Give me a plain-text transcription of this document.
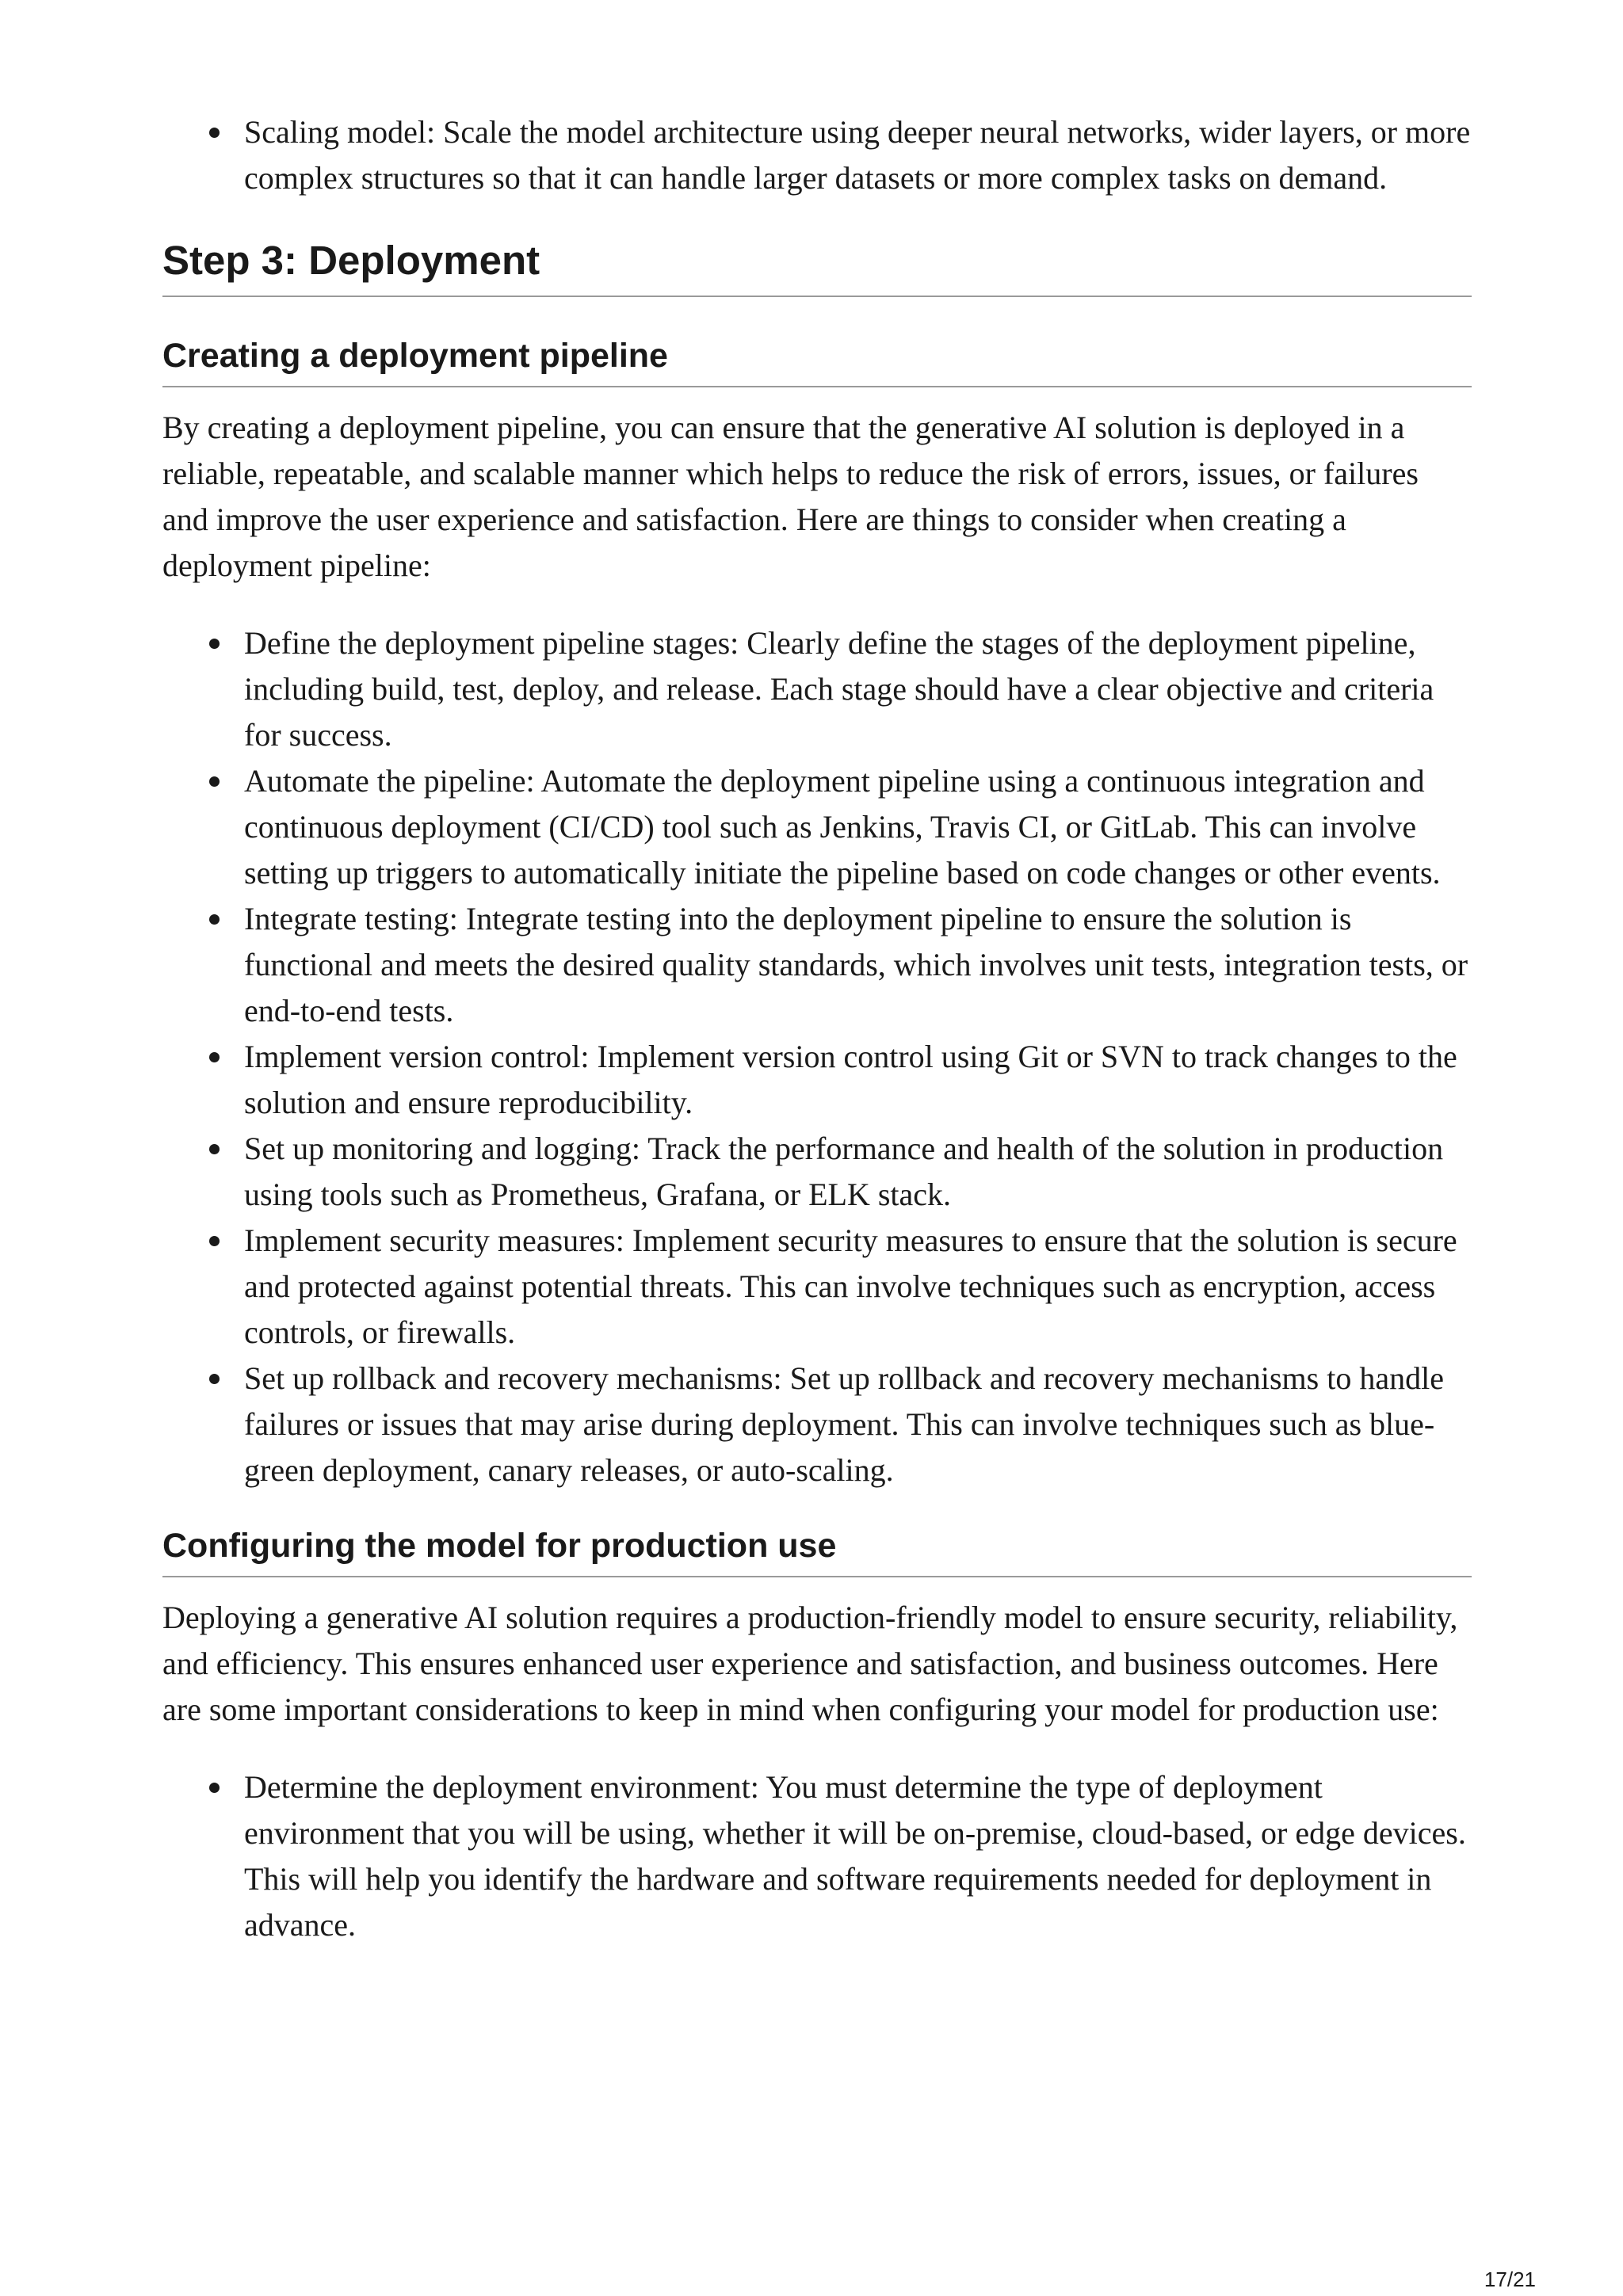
Scaling model: Scale the model architecture using deeper neural networks, wider layers, or more complex structures so that it can handle larger datasets or more complex tasks on demand.
Step 3: Deployment
Creating a deployment pipeline

By creating a deployment pipeline, you can ensure that the generative AI solution is deployed in a reliable, repeatable, and scalable manner which helps to reduce the risk of errors, issues, or failures and improve the user experience and satisfaction. Here are things to consider when creating a deployment pipeline:

Define the deployment pipeline stages: Clearly define the stages of the deployment pipeline, including build, test, deploy, and release. Each stage should have a clear objective and criteria for success.
Automate the pipeline: Automate the deployment pipeline using a continuous integration and continuous deployment (CI/CD) tool such as Jenkins, Travis CI, or GitLab. This can involve setting up triggers to automatically initiate the pipeline based on code changes or other events.
Integrate testing: Integrate testing into the deployment pipeline to ensure the solution is functional and meets the desired quality standards, which involves unit tests, integration tests, or end-to-end tests.
Implement version control: Implement version control using Git or SVN to track changes to the solution and ensure reproducibility.
Set up monitoring and logging: Track the performance and health of the solution in production using tools such as Prometheus, Grafana, or ELK stack.
Implement security measures: Implement security measures to ensure that the solution is secure and protected against potential threats. This can involve techniques such as encryption, access controls, or firewalls.
Set up rollback and recovery mechanisms: Set up rollback and recovery mechanisms to handle failures or issues that may arise during deployment. This can involve techniques such as blue-green deployment, canary releases, or auto-scaling.
Configuring the model for production use

Deploying a generative AI solution requires a production-friendly model to ensure security, reliability, and efficiency. This ensures enhanced user experience and satisfaction, and business outcomes. Here are some important considerations to keep in mind when configuring your model for production use:

Determine the deployment environment: You must determine the type of deployment environment that you will be using, whether it will be on-premise, cloud-based, or edge devices. This will help you identify the hardware and software requirements needed for deployment in advance.
17/21
